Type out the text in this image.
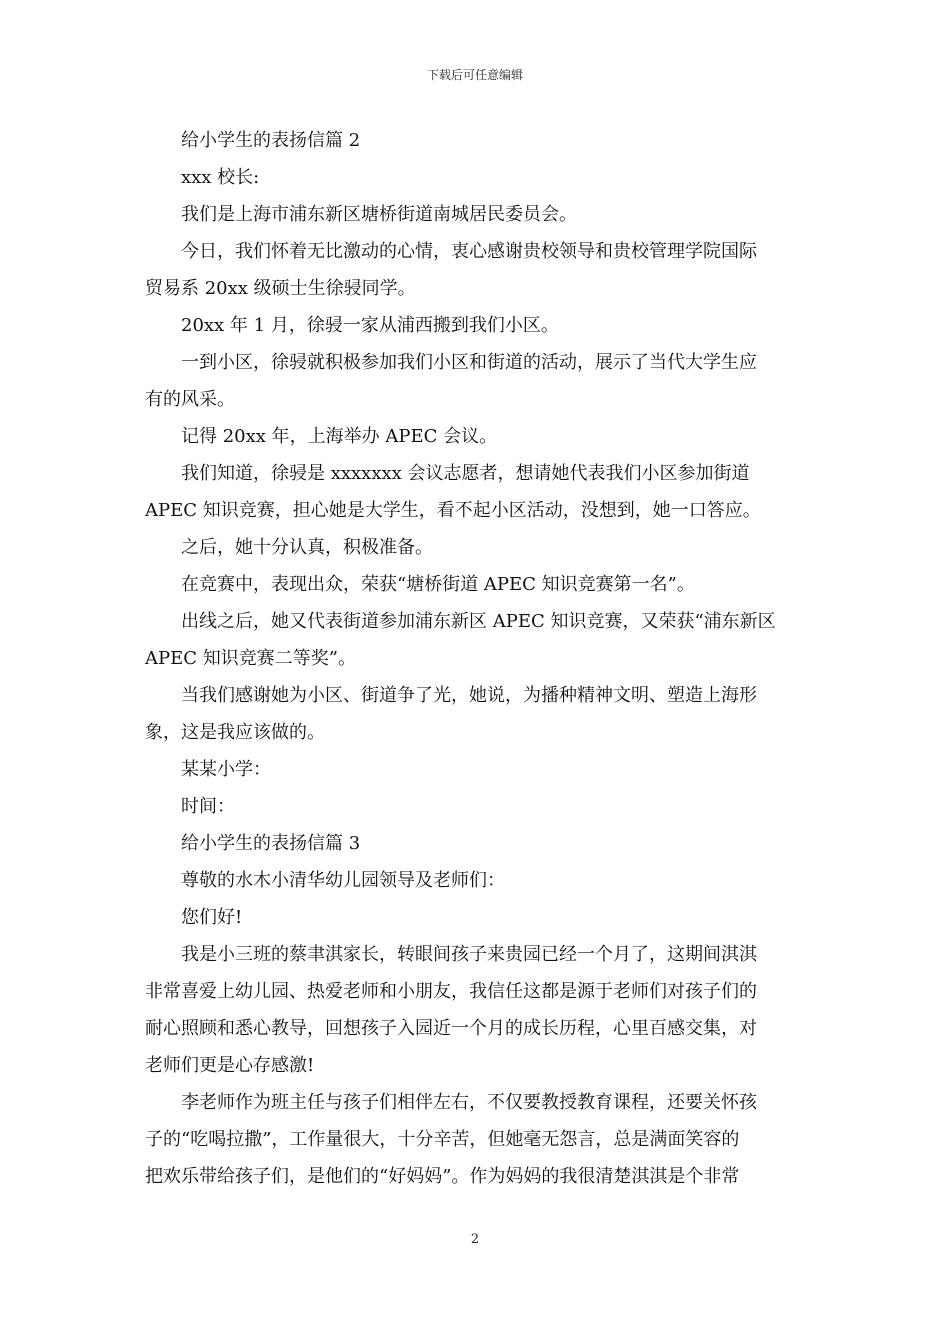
下载后可任意编辑
给小学生的表扬信篇 2
xxx 校长:
我们是上海市浦东新区塘桥街道南城居民委员会。
今日，我们怀着无比激动的心情，衷心感谢贵校领导和贵校管理学院国际
贸易系 20xx 级硕士生徐骎同学。
20xx 年 1 月，徐骎一家从浦西搬到我们小区。
一到小区，徐骎就积极参加我们小区和街道的活动，展示了当代大学生应
有的风采。
记得 20xx 年，上海举办 APEC 会议。
我们知道，徐骎是 xxxxxxx 会议志愿者，想请她代表我们小区参加街道
APEC 知识竞赛，担心她是大学生，看不起小区活动，没想到，她一口答应。
之后，她十分认真，积极准备。
在竞赛中，表现出众，荣获“塘桥街道 APEC 知识竞赛第一名”。
出线之后，她又代表街道参加浦东新区 APEC 知识竞赛，又荣获“浦东新区
APEC 知识竞赛二等奖”。
当我们感谢她为小区、街道争了光，她说，为播种精神文明、塑造上海形
象，这是我应该做的。
某某小学：
时间：
给小学生的表扬信篇 3
尊敬的水木小清华幼儿园领导及老师们：
您们好!
我是小三班的蔡聿淇家长，转眼间孩子来贵园已经一个月了，这期间淇淇
非常喜爱上幼儿园、热爱老师和小朋友，我信任这都是源于老师们对孩子们的
耐心照顾和悉心教导，回想孩子入园近一个月的成长历程，心里百感交集，对
老师们更是心存感激!
李老师作为班主任与孩子们相伴左右，不仅要教授教育课程，还要关怀孩
子的“吃喝拉撒”，工作量很大，十分辛苦，但她毫无怨言，总是满面笑容的
把欢乐带给孩子们，是他们的“好妈妈”。作为妈妈的我很清楚淇淇是个非常
2
